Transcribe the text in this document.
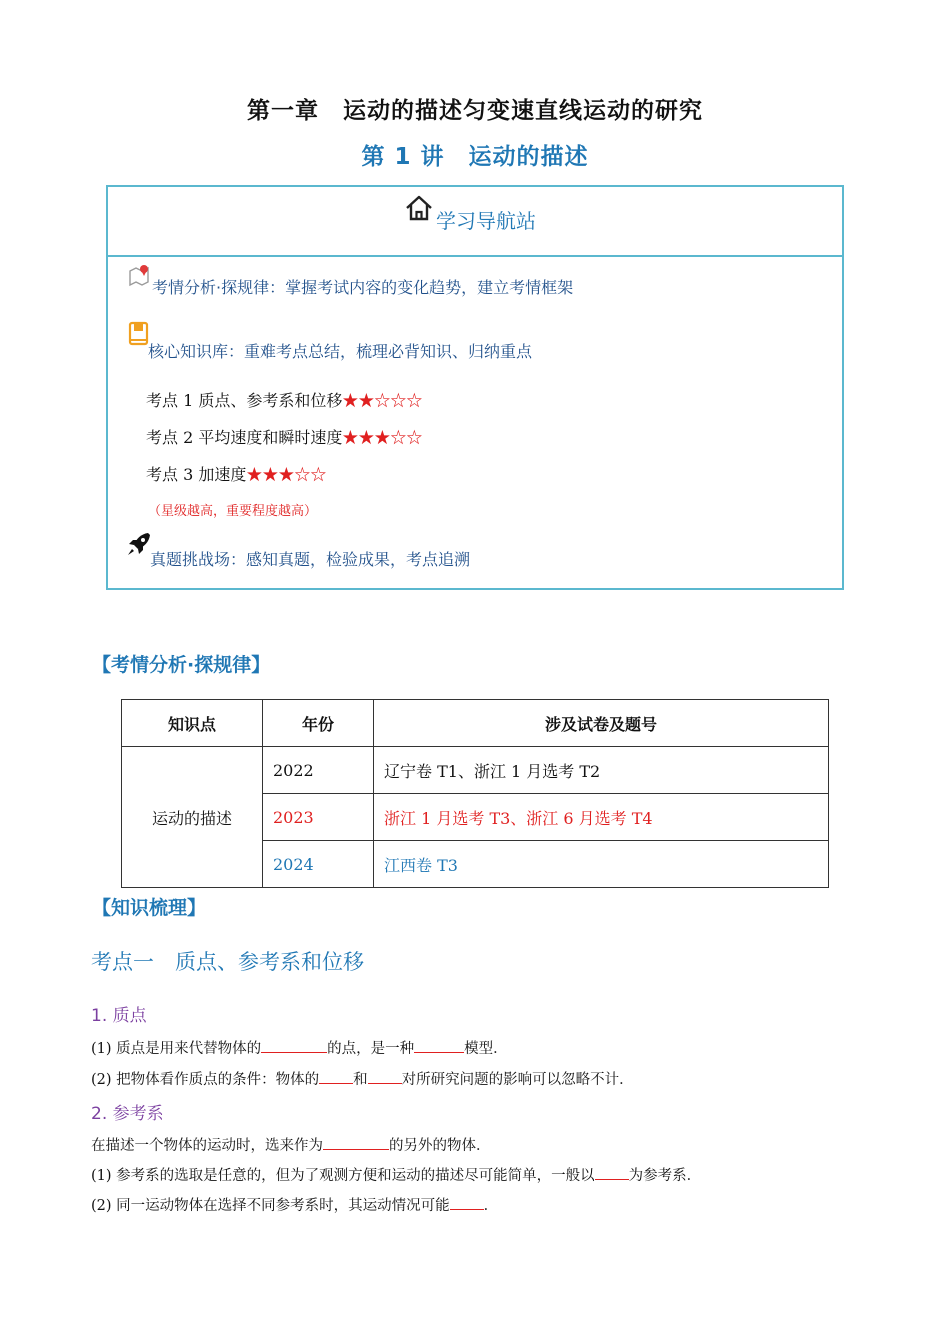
第一章　运动的描述匀变速直线运动的研究
第 1 讲　运动的描述
学习导航站
考情分析·探规律：掌握考试内容的变化趋势，建立考情框架
核心知识库：重难考点总结，梳理必背知识、归纳重点
考点 1 质点、参考系和位移★★☆☆☆
考点 2 平均速度和瞬时速度★★★☆☆
考点 3 加速度★★★☆☆
（星级越高，重要程度越高）
真题挑战场：感知真题，检验成果，考点追溯
【考情分析·探规律】
知识点	年份	涉及试卷及题号
运动的描述	2022	辽宁卷 T1、浙江 1 月选考 T2
	2023	浙江 1 月选考 T3、浙江 6 月选考 T4
	2024	江西卷 T3
【知识梳理】
考点一　质点、参考系和位移
1. 质点
(1) 质点是用来代替物体的	的点，是一种	模型．
(2) 把物体看作质点的条件：物体的 和 对所研究问题的影响可以忽略不计．
2. 参考系
在描述一个物体的运动时，选来作为	的另外的物体．
(1) 参考系的选取是任意的，但为了观测方便和运动的描述尽可能简单，一般以 为参考系．
(2) 同一运动物体在选择不同参考系时，其运动情况可能 ．
